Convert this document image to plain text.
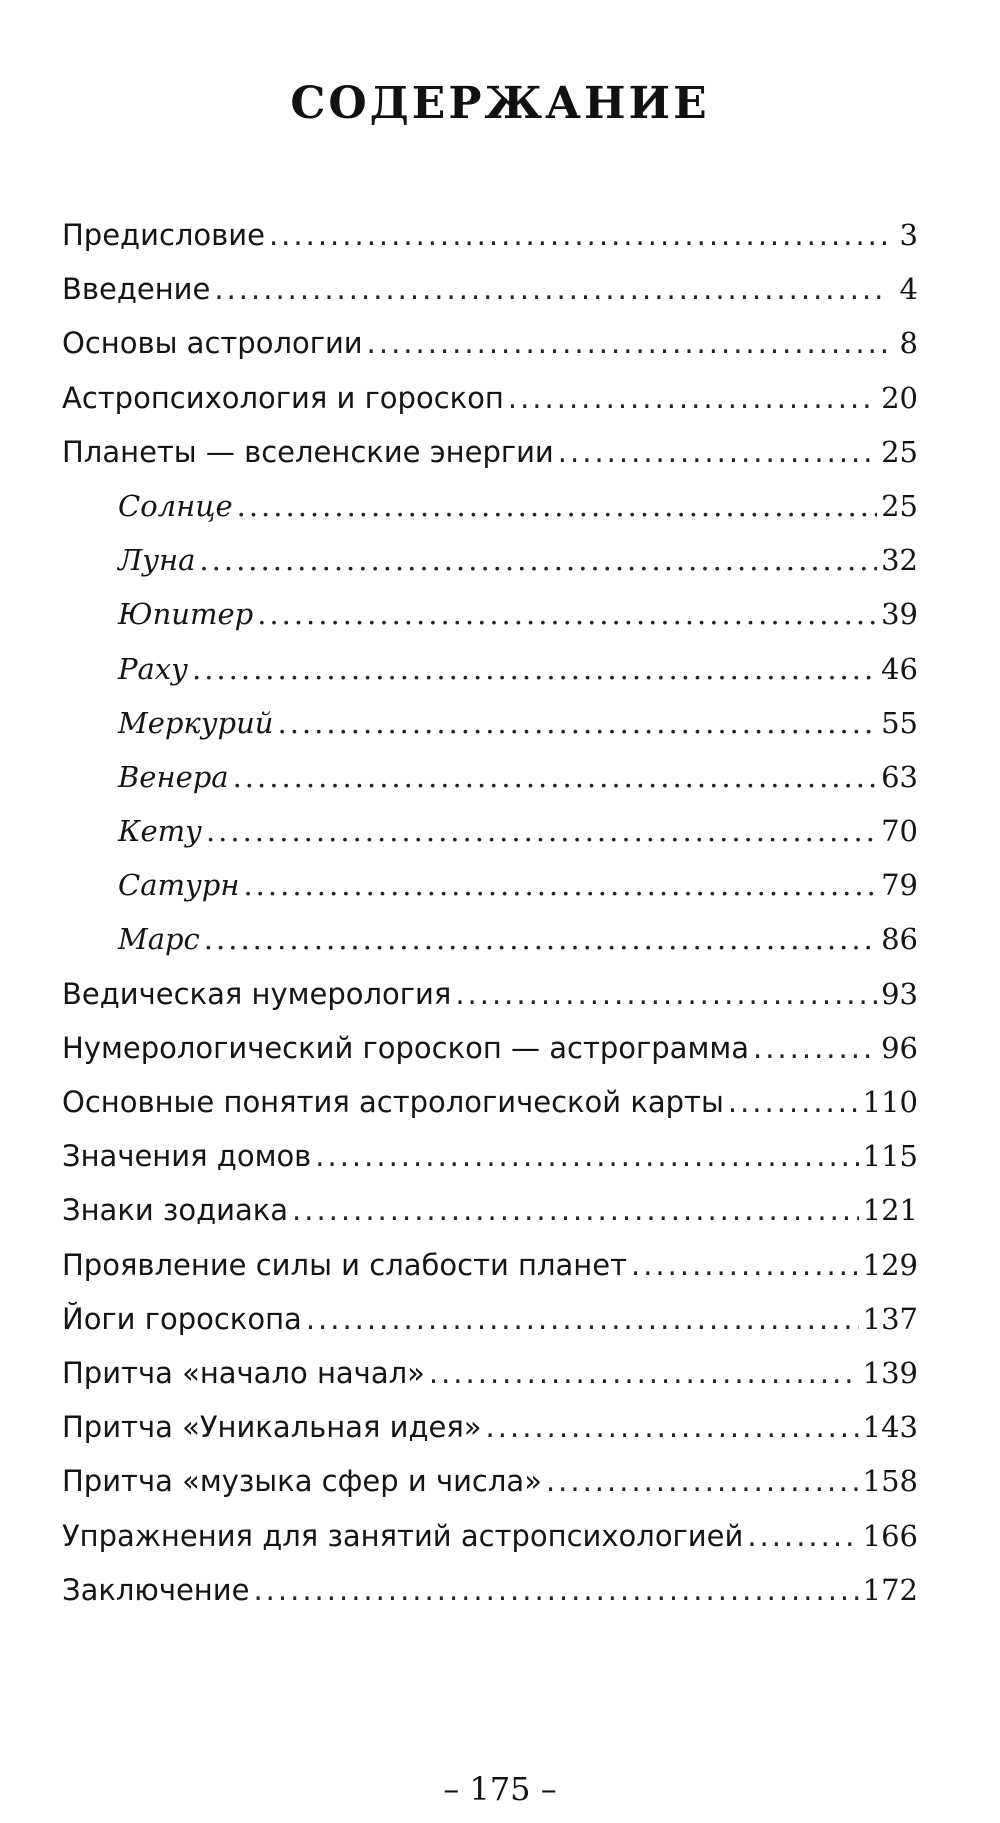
СОДЕРЖАНИЕ
Предисловие .....	3
Введение .....	4
Основы астрологии .....	8
Астропсихология и гороскоп .....	20
Планеты — вселенские энергии .....	25
Солнце .....	25
Луна .....	32
Юпитер .....	39
Раху .....	46
Меркурий .....	55
Венера .....	63
Кету .....	70
Сатурн .....	79
Марс .....	86
Ведическая нумерология .....	93
Нумерологический гороскоп — астрограмма .....	96
Основные понятия астрологической карты .....	110
Значения домов .....	115
Знаки зодиака .....	121
Проявление силы и слабости планет .....	129
Йоги гороскопа .....	137
Притча «начало начал» .....	139
Притча «Уникальная идея» .....	143
Притча «музыка сфер и числа» .....	158
Упражнения для занятий астропсихологией .....	166
Заключение .....	172
– 175 –
